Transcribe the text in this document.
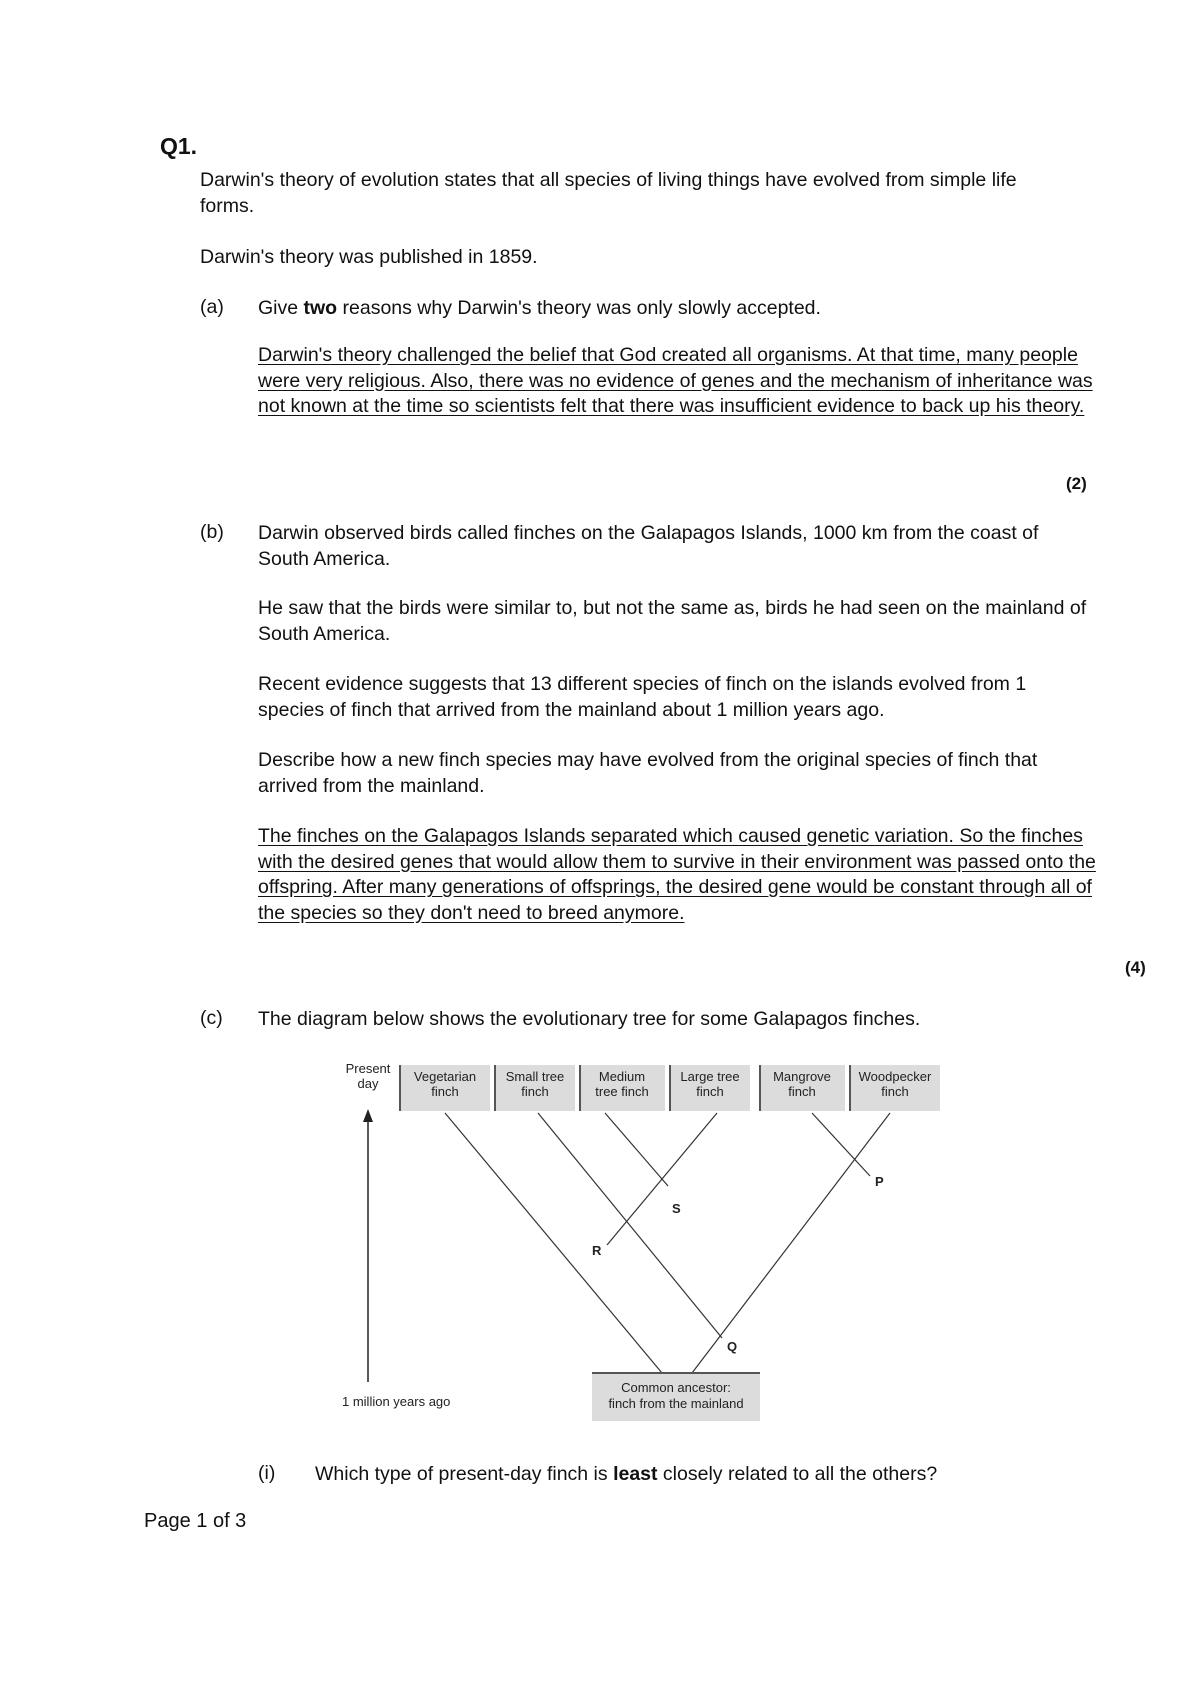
Q1.
Darwin's theory of evolution states that all species of living things have evolved from simple life forms.
Darwin's theory was published in 1859.
(a) Give two reasons why Darwin's theory was only slowly accepted.
Darwin's theory challenged the belief that God created all organisms. At that time, many people were very religious. Also, there was no evidence of genes and the mechanism of inheritance was not known at the time so scientists felt that there was insufficient evidence to back up his theory.
(2)
(b) Darwin observed birds called finches on the Galapagos Islands, 1000 km from the coast of South America.
He saw that the birds were similar to, but not the same as, birds he had seen on the mainland of South America.
Recent evidence suggests that 13 different species of finch on the islands evolved from 1 species of finch that arrived from the mainland about 1 million years ago.
Describe how a new finch species may have evolved from the original species of finch that arrived from the mainland.
The finches on the Galapagos Islands separated which caused genetic variation. So the finches with the desired genes that would allow them to survive in their environment was passed onto the offspring. After many generations of offsprings, the desired gene would be constant through all of the species so they don't need to breed anymore.
(4)
(c) The diagram below shows the evolutionary tree for some Galapagos finches.
Present
day
1 million years ago
Vegetarian
finch
Small tree
finch
Medium
tree finch
Large tree
finch
Mangrove
finch
Woodpecker
finch
P
Q
R
S
Common ancestor:
finch from the mainland
(i) Which type of present-day finch is least closely related to all the others?
Page 1 of 3
